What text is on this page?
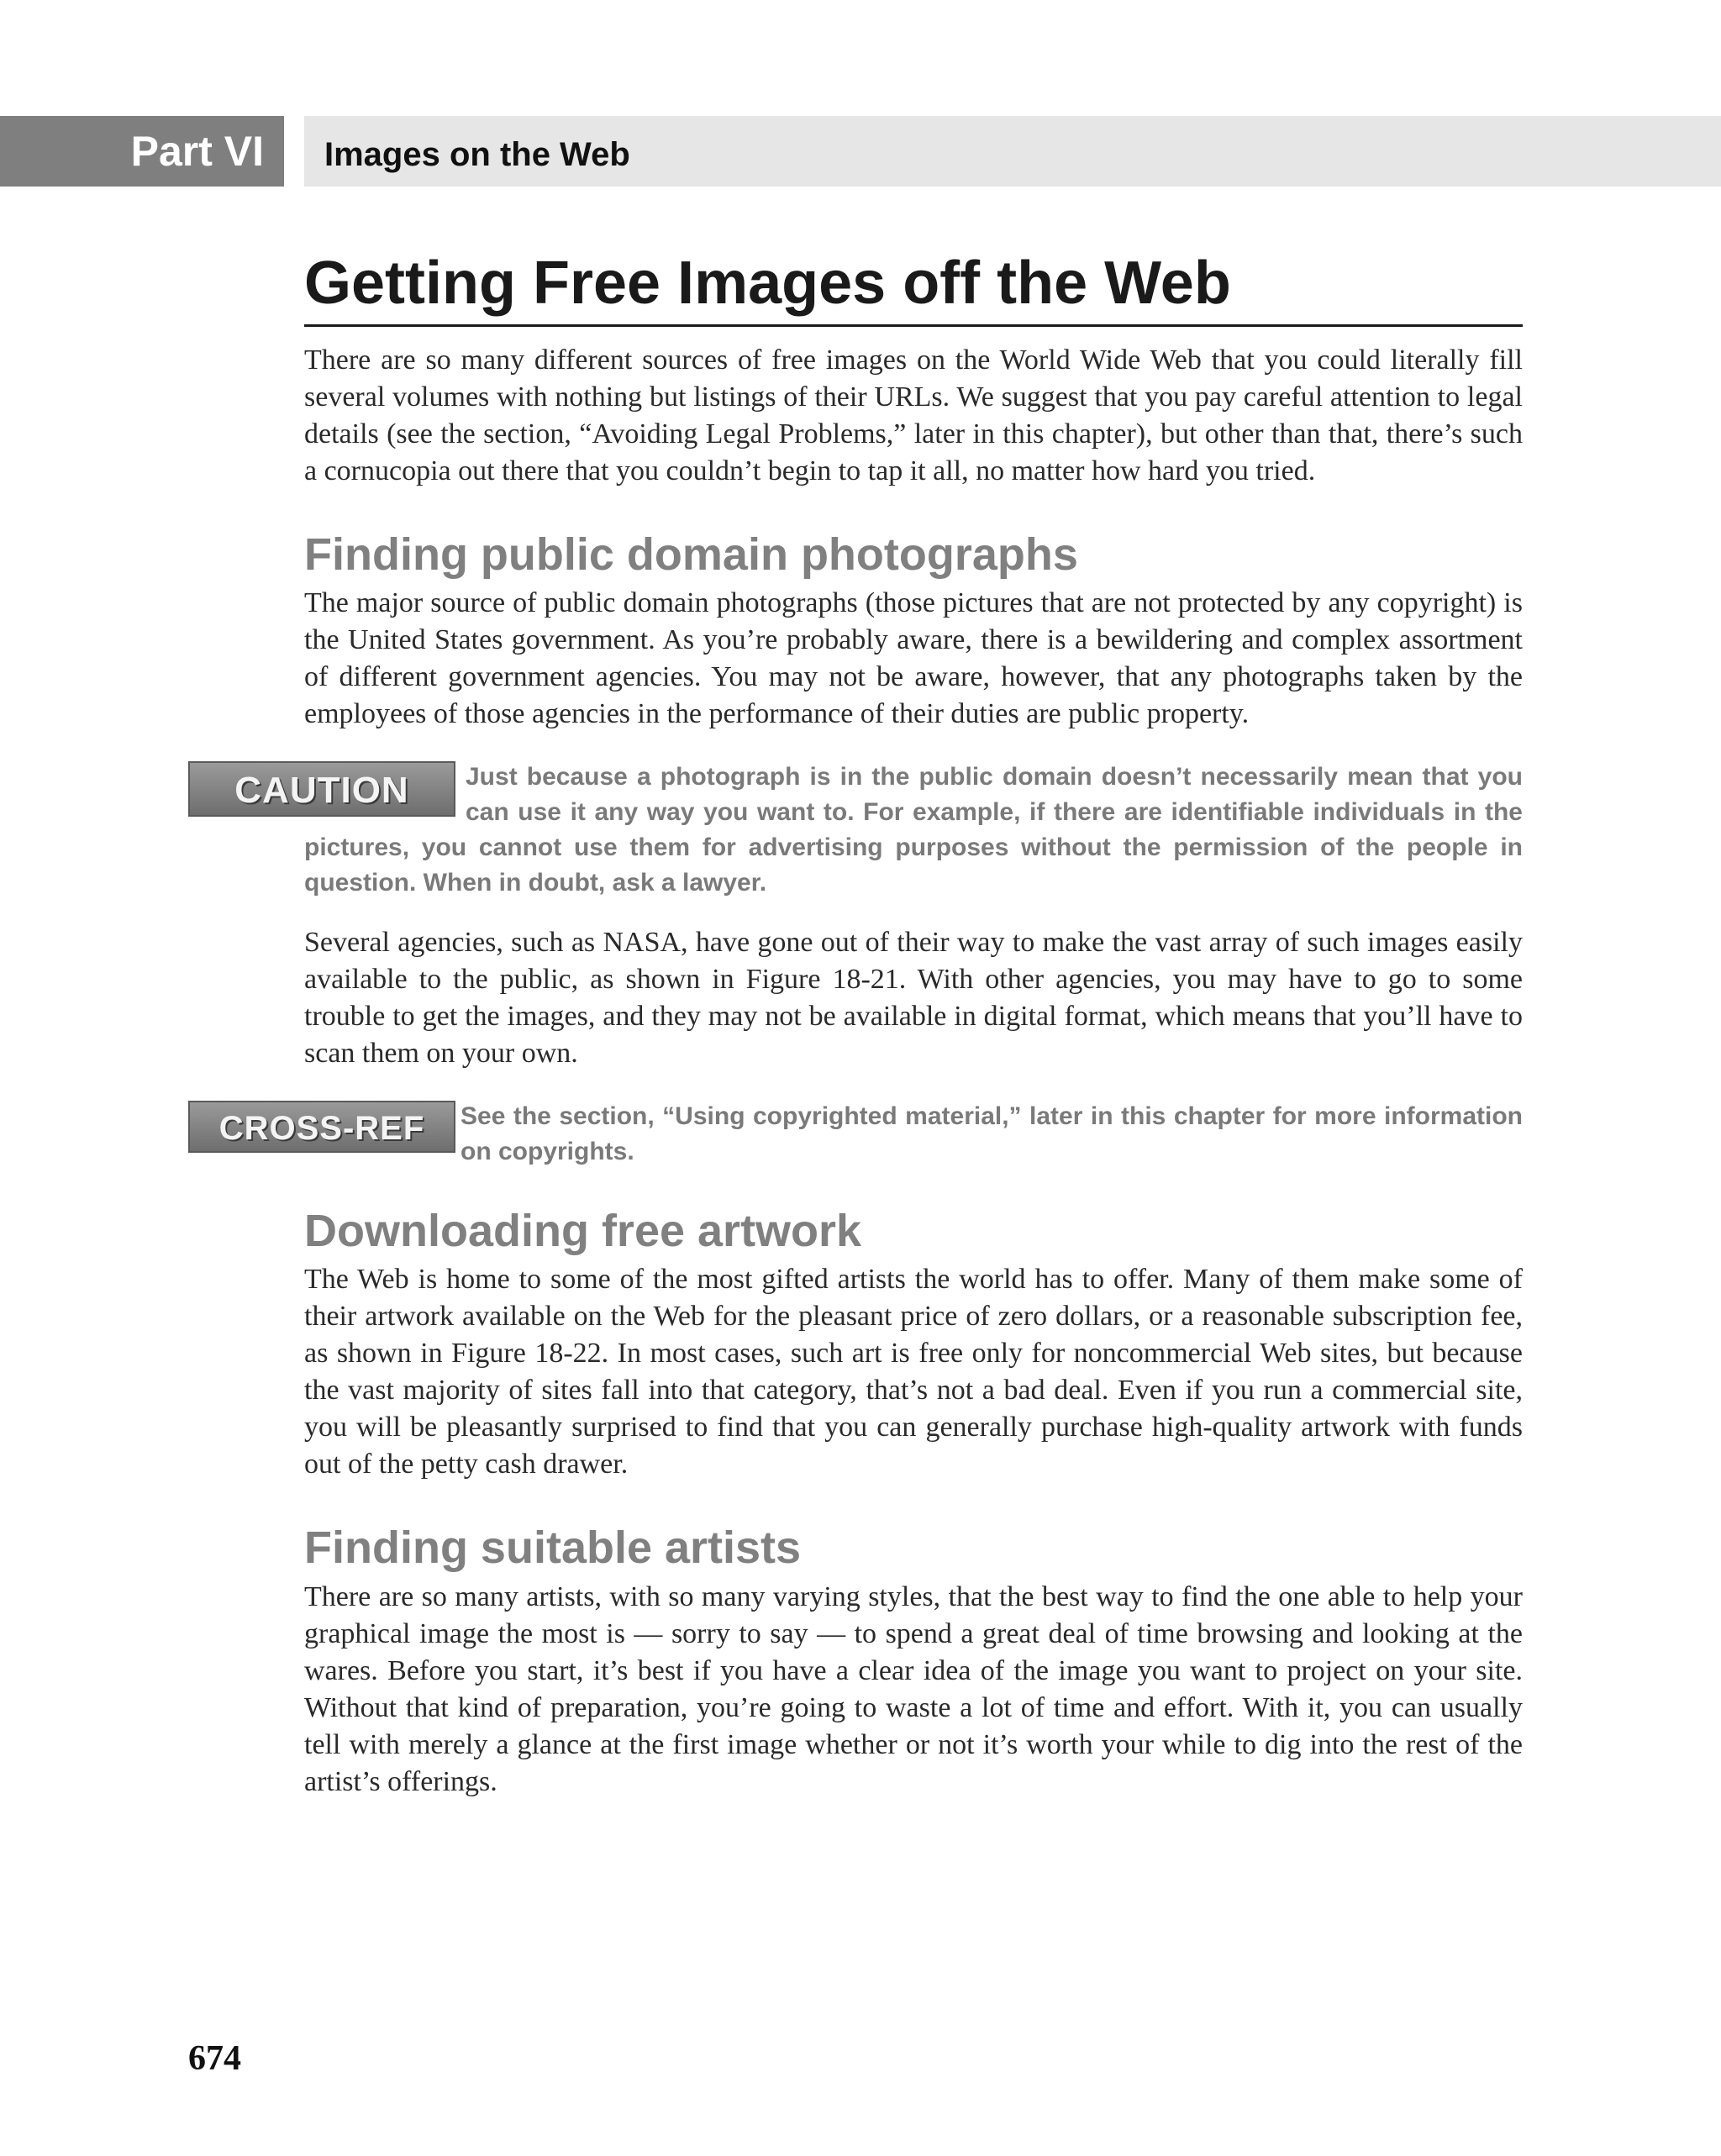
Part VI	Images on the Web
Getting Free Images off the Web

There are so many different sources of free images on the World Wide Web that you could literally fill several volumes with nothing but listings of their URLs. We suggest that you pay careful attention to legal details (see the section, “Avoiding Legal Problems,” later in this chapter), but other than that, there’s such a cornucopia out there that you couldn’t begin to tap it all, no matter how hard you tried.

Finding public domain photographs

The major source of public domain photographs (those pictures that are not protected by any copyright) is the United States government. As you’re probably aware, there is a bewildering and complex assortment of different government agencies. You may not be aware, however, that any photographs taken by the employees of those agencies in the performance of their duties are public property.

CAUTION	Just because a photograph is in the public domain doesn’t necessarily mean that you can use it any way you want to. For example, if there are identifiable individuals in the pictures, you cannot use them for advertising purposes without the permission of the people in question. When in doubt, ask a lawyer.

Several agencies, such as NASA, have gone out of their way to make the vast array of such images easily available to the public, as shown in Figure 18-21. With other agencies, you may have to go to some trouble to get the images, and they may not be available in digital format, which means that you’ll have to scan them on your own.

CROSS-REF	See the section, “Using copyrighted material,” later in this chapter for more information on copyrights.

Downloading free artwork

The Web is home to some of the most gifted artists the world has to offer. Many of them make some of their artwork available on the Web for the pleasant price of zero dollars, or a reasonable subscription fee, as shown in Figure 18-22. In most cases, such art is free only for noncommercial Web sites, but because the vast majority of sites fall into that category, that’s not a bad deal. Even if you run a commercial site, you will be pleasantly surprised to find that you can generally purchase high-quality artwork with funds out of the petty cash drawer.

Finding suitable artists

There are so many artists, with so many varying styles, that the best way to find the one able to help your graphical image the most is — sorry to say — to spend a great deal of time browsing and looking at the wares. Before you start, it’s best if you have a clear idea of the image you want to project on your site. Without that kind of preparation, you’re going to waste a lot of time and effort. With it, you can usually tell with merely a glance at the first image whether or not it’s worth your while to dig into the rest of the artist’s offerings.

674
